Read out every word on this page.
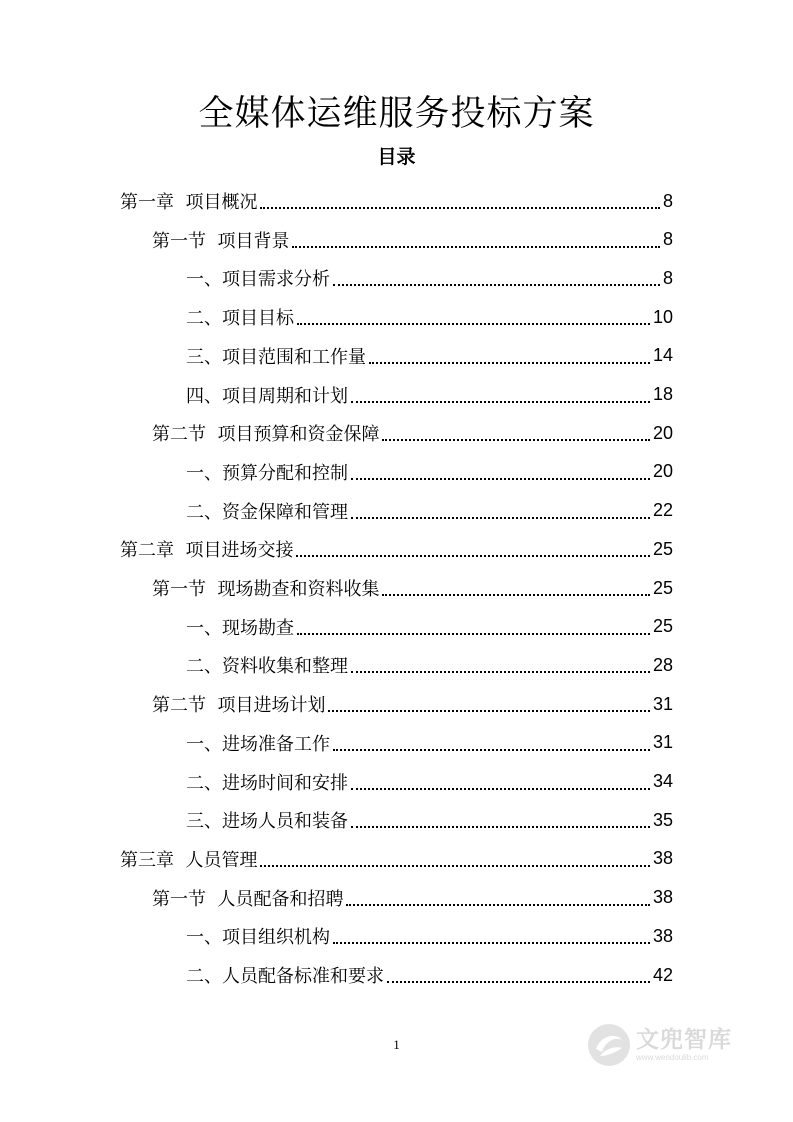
全媒体运维服务投标方案
目录
第一章  项目概况	8
第一节  项目背景	8
一、项目需求分析	8
二、项目目标	10
三、项目范围和工作量	14
四、项目周期和计划	18
第二节  项目预算和资金保障	20
一、预算分配和控制	20
二、资金保障和管理	22
第二章  项目进场交接	25
第一节  现场勘查和资料收集	25
一、现场勘查	25
二、资料收集和整理	28
第二节  项目进场计划	31
一、进场准备工作	31
二、进场时间和安排	34
三、进场人员和装备	35
第三章  人员管理	38
第一节  人员配备和招聘	38
一、项目组织机构	38
二、人员配备标准和要求	42
1	文兜智库
www.wendoulib.com
